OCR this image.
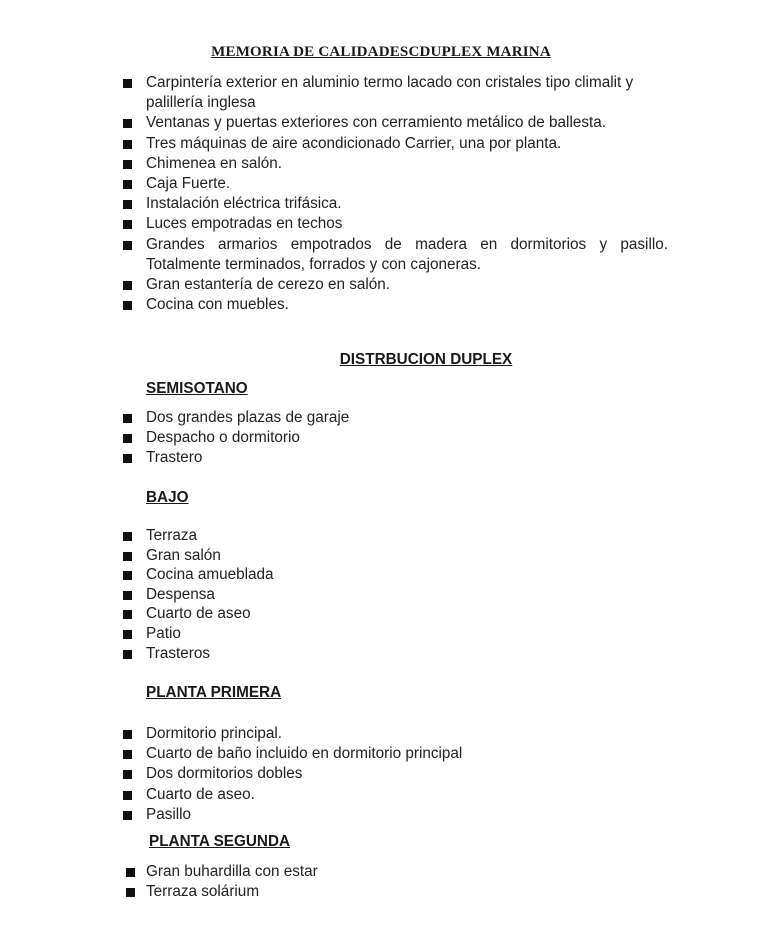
MEMORIA DE CALIDADESCDUPLEX MARINA
Carpintería exterior en aluminio termo lacado con cristales tipo climalit y palillería inglesa
Ventanas y puertas exteriores con cerramiento metálico de ballesta.
Tres máquinas de aire acondicionado Carrier, una por planta.
Chimenea en salón.
Caja Fuerte.
Instalación eléctrica trifásica.
Luces empotradas en techos
Grandes armarios empotrados de madera en dormitorios y pasillo. Totalmente terminados, forrados y con cajoneras.
Gran estantería de cerezo en salón.
Cocina con muebles.
DISTRBUCION DUPLEX
SEMISOTANO
Dos grandes plazas de garaje
Despacho o dormitorio
Trastero
BAJO
Terraza
Gran salón
Cocina amueblada
Despensa
Cuarto de aseo
Patio
Trasteros
PLANTA PRIMERA
Dormitorio principal.
Cuarto de baño incluido en dormitorio principal
Dos dormitorios dobles
Cuarto de aseo.
Pasillo
PLANTA SEGUNDA
Gran buhardilla con estar
Terraza solárium
